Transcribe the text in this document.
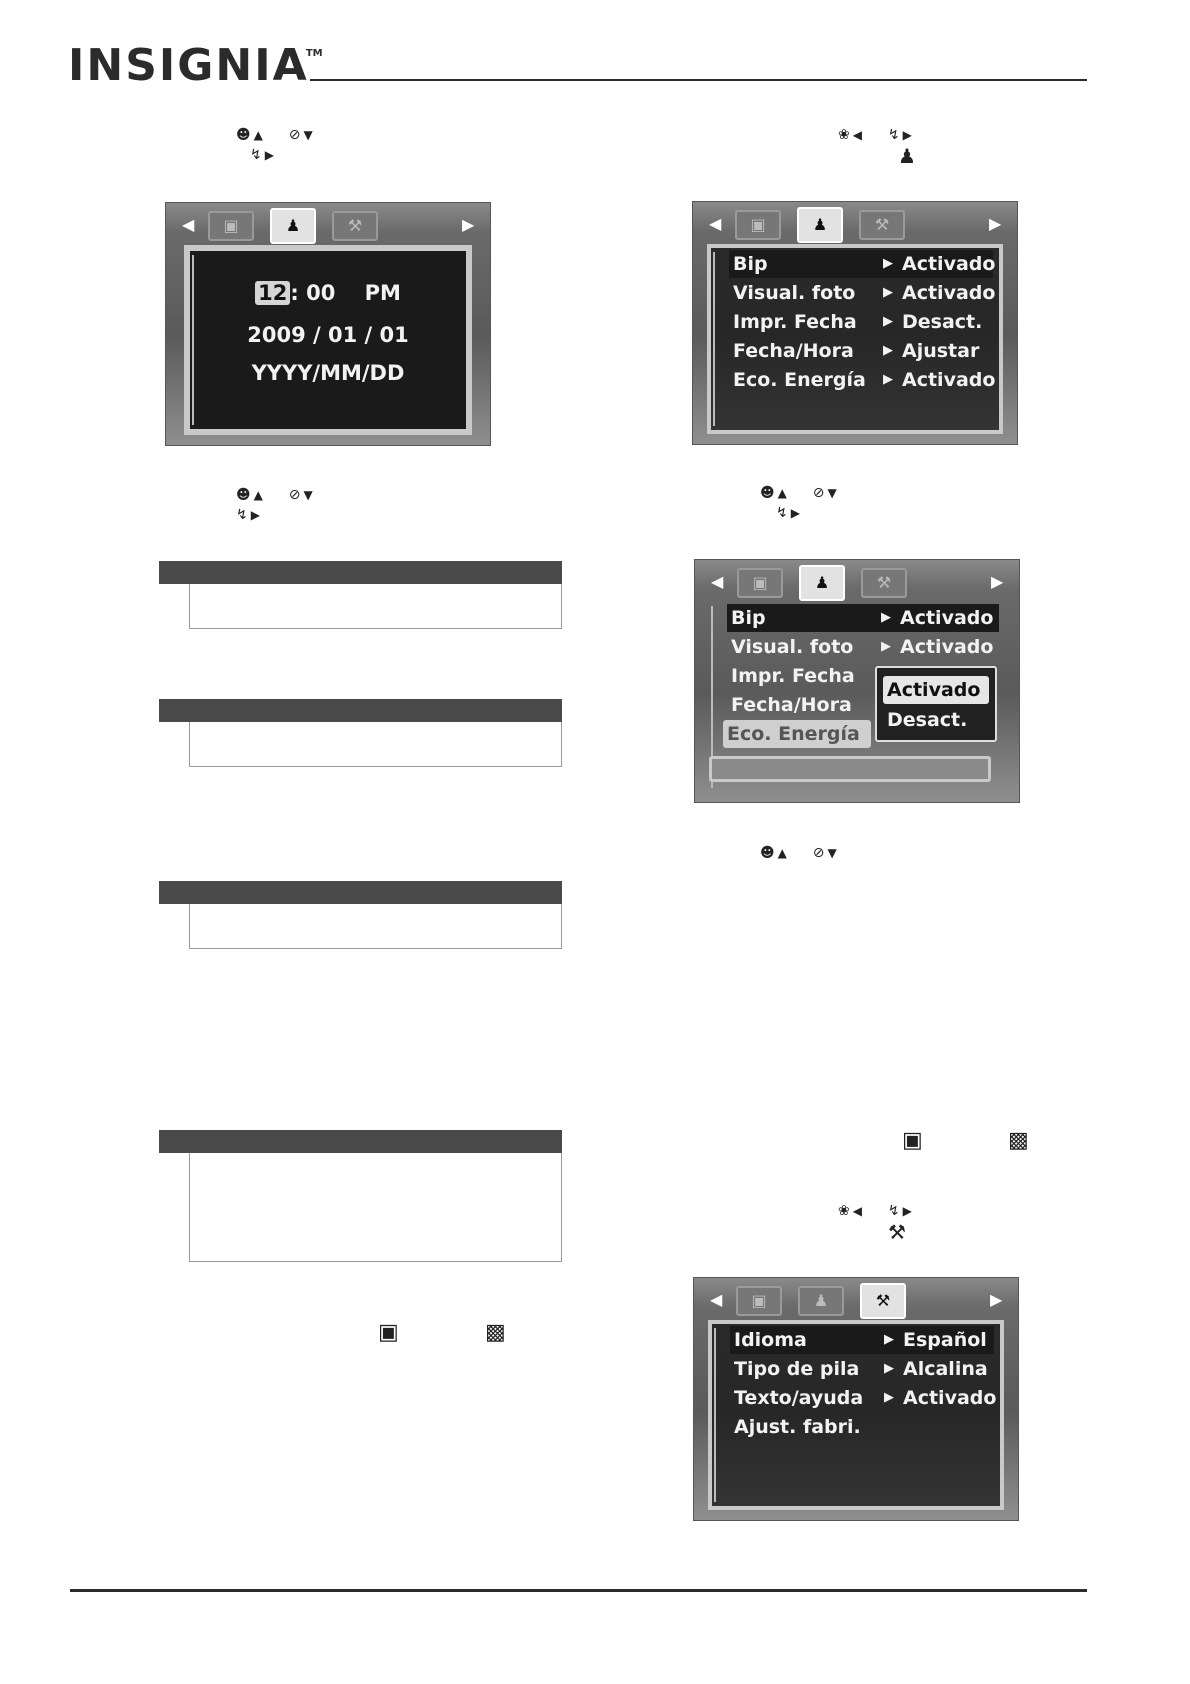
INSIGNIA
TM
☻ ▲ ⊘ ▼
↯ ▶
◀	▣	♟	⚒	▶
12 : 00 PM
2009 / 01 / 01
YYYY/MM/DD
☻ ▲ ⊘ ▼
↯ ▶
▣	▩
❀ ◀ ↯ ▶
♟
◀	▣	♟	⚒	▶
Bip	▶ Activado
Visual. foto ▶ Activado
Impr. Fecha ▶ Desact.
Fecha/Hora ▶ Ajustar
Eco. Energía ▶ Activado
☻ ▲ ⊘ ▼
↯ ▶
◀	▣	♟	⚒	▶
Bip	▶ Activado
Visual. foto ▶ Activado
Impr. Fecha
Fecha/Hora
Eco. Energía
Activado
Desact.
☻ ▲ ⊘ ▼
▣	▩
❀ ◀ ↯ ▶
⚒
◀	▣	♟	⚒	▶
Idioma	▶ Español
Tipo de pila ▶ Alcalina
Texto/ayuda ▶ Activado
Ajust. fabri.
